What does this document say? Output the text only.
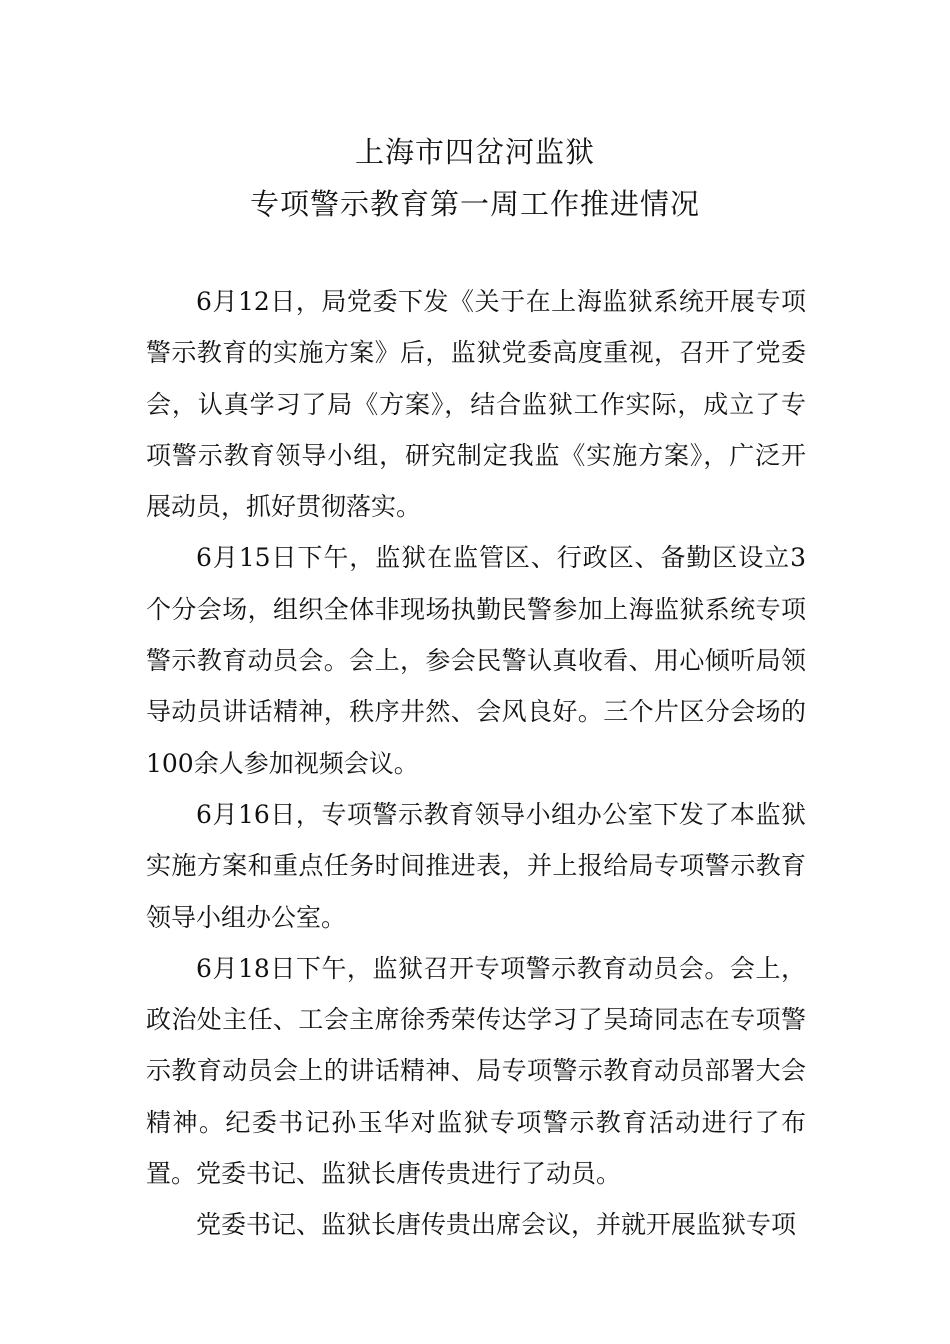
上海市四岔河监狱
专项警示教育第一周工作推进情况

6月12日，局党委下发《关于在上海监狱系统开展专项警示教育的实施方案》后，监狱党委高度重视，召开了党委会，认真学习了局《方案》，结合监狱工作实际，成立了专项警示教育领导小组，研究制定我监《实施方案》，广泛开展动员，抓好贯彻落实。

6月15日下午，监狱在监管区、行政区、备勤区设立3个分会场，组织全体非现场执勤民警参加上海监狱系统专项警示教育动员会。会上，参会民警认真收看、用心倾听局领导动员讲话精神，秩序井然、会风良好。三个片区分会场的100余人参加视频会议。

6月16日，专项警示教育领导小组办公室下发了本监狱实施方案和重点任务时间推进表，并上报给局专项警示教育领导小组办公室。

6月18日下午，监狱召开专项警示教育动员会。会上，政治处主任、工会主席徐秀荣传达学习了吴琦同志在专项警示教育动员会上的讲话精神、局专项警示教育动员部署大会精神。纪委书记孙玉华对监狱专项警示教育活动进行了布置。党委书记、监狱长唐传贵进行了动员。

党委书记、监狱长唐传贵出席会议，并就开展监狱专项
